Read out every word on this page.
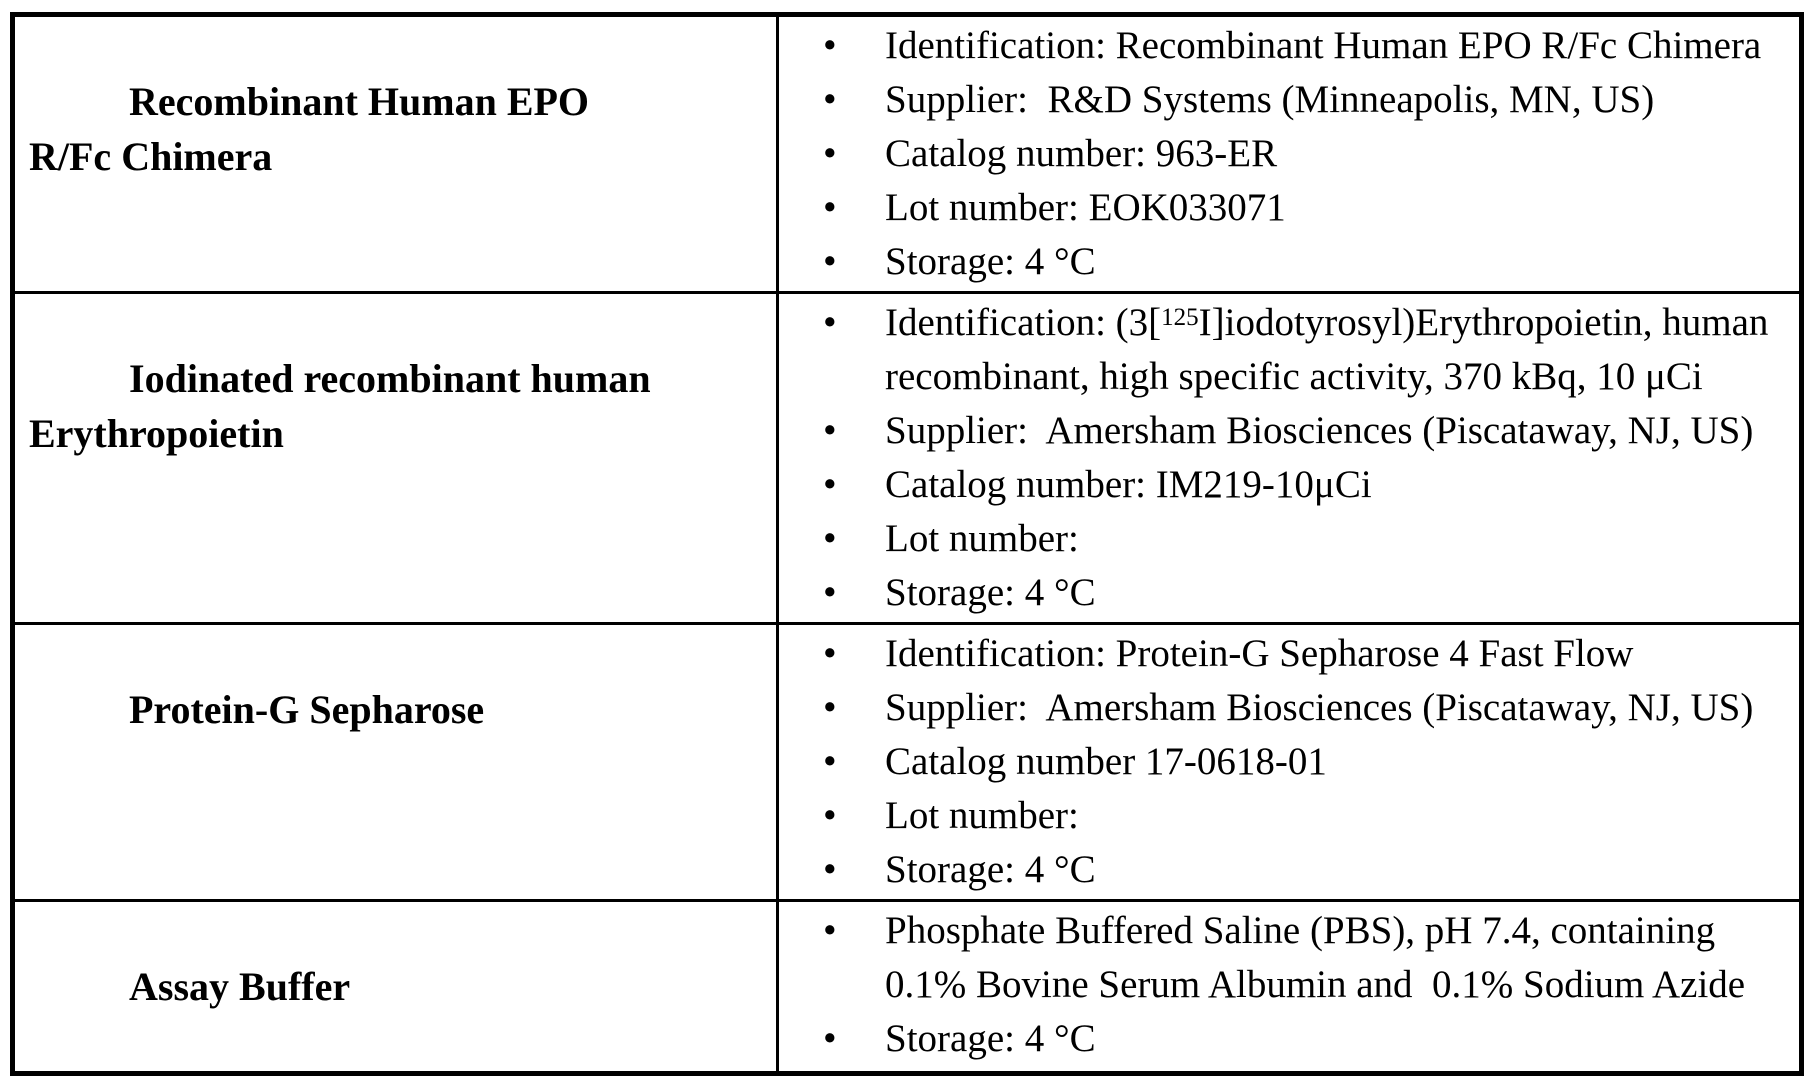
Recombinant Human EPO R/Fc Chimera

• Identification: Recombinant Human EPO R/Fc Chimera
• Supplier:  R&D Systems (Minneapolis, MN, US)
• Catalog number: 963-ER
• Lot number: EOK033071
• Storage: 4 °C

Iodinated recombinant human Erythropoietin

• Identification: (3[$^{125}$I]iodotyrosyl)Erythropoietin, human recombinant, high specific activity, 370 kBq, 10 μCi
• Supplier:  Amersham Biosciences (Piscataway, NJ, US)
• Catalog number: IM219-10μCi
• Lot number:
• Storage: 4 °C

Protein-G Sepharose

• Identification: Protein-G Sepharose 4 Fast Flow
• Supplier:  Amersham Biosciences (Piscataway, NJ, US)
• Catalog number 17-0618-01
• Lot number:
• Storage: 4 °C

Assay Buffer

• Phosphate Buffered Saline (PBS), pH 7.4, containing 0.1% Bovine Serum Albumin and  0.1% Sodium Azide
• Storage: 4 °C
